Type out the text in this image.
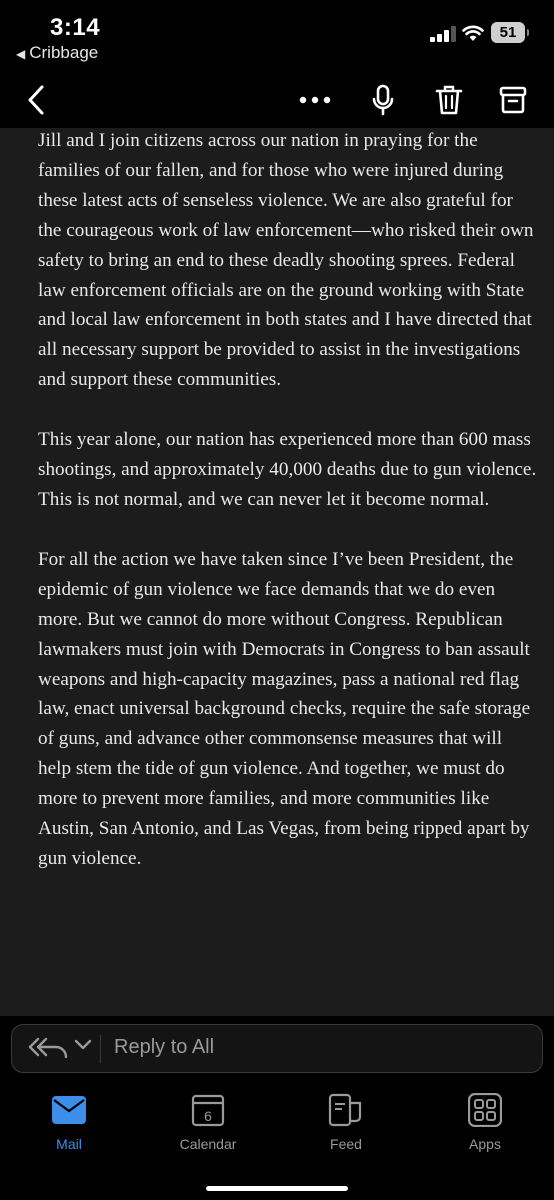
3:14
◀ Cribbage
51

Jill and I join citizens across our nation in praying for the families of our fallen, and for those who were injured during these latest acts of senseless violence. We are also grateful for the courageous work of law enforcement—who risked their own safety to bring an end to these deadly shooting sprees. Federal law enforcement officials are on the ground working with State and local law enforcement in both states and I have directed that all necessary support be provided to assist in the investigations and support these communities.

This year alone, our nation has experienced more than 600 mass shootings, and approximately 40,000 deaths due to gun violence. This is not normal, and we can never let it become normal.

For all the action we have taken since I’ve been President, the epidemic of gun violence we face demands that we do even more. But we cannot do more without Congress. Republican lawmakers must join with Democrats in Congress to ban assault weapons and high-capacity magazines, pass a national red flag law, enact universal background checks, require the safe storage of guns, and advance other commonsense measures that will help stem the tide of gun violence. And together, we must do more to prevent more families, and more communities like Austin, San Antonio, and Las Vegas, from being ripped apart by gun violence.

Reply to All
Mail
6
Calendar	Feed	Apps
